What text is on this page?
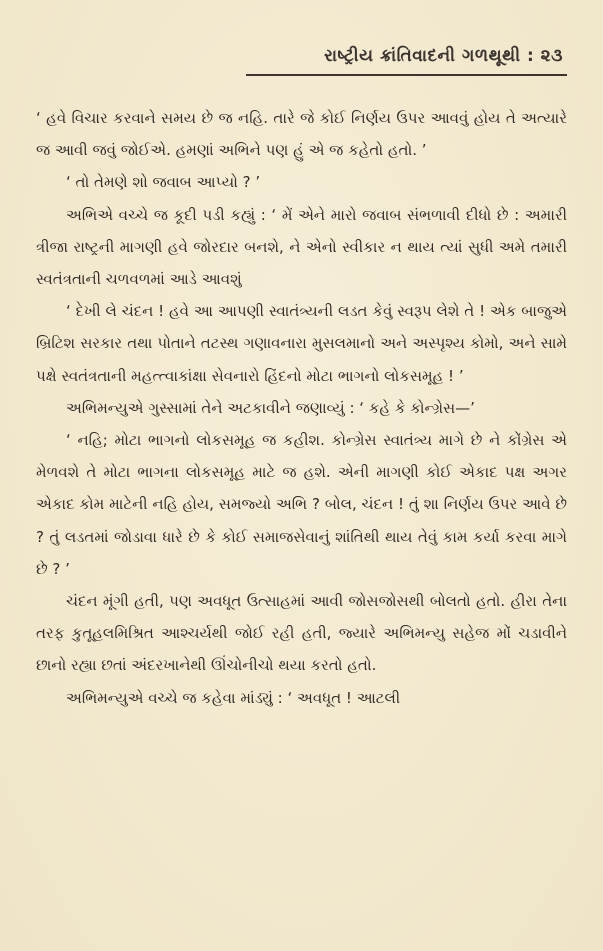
રાષ્ટ્રીય ક્રાંતિવાદની ગળથૂથી : ૨૩

‘ હવે વિચાર કરવાને સમય છે જ નહિ. તારે જે કોઈ નિર્ણય ઉપર આવવું હોય તે અત્યારે જ આવી જવું જોઈએ. હમણાં અભિને પણ હું એ જ કહેતો હતો. ’

‘ તો તેમણે શો જવાબ આપ્યો ? ’

અભિએ વચ્ચે જ કૂદી પડી કહ્યું : ‘ મેં એને મારો જવાબ સંભળાવી દીધો છે : અમારી ત્રીજા રાષ્ટ્રની માગણી હવે જોરદાર બનશે, ને એનો સ્વીકાર ન થાય ત્યાં સુધી અમે તમારી સ્વતંત્રતાની ચળવળમાં આડે આવશું

‘ દેખી લે ચંદન ! હવે આ આપણી સ્વાતંત્ર્યની લડત કેવું સ્વરૂપ લેશે તે ! એક બાજુએ બ્રિટિશ સરકાર તથા પોતાને તટસ્થ ગણાવનારા મુસલમાનો અને અસ્પૃશ્ય કોમો, અને સામે પક્ષે સ્વતંત્રતાની મહત્ત્વાકાંક્ષા સેવનારો હિંદનો મોટા ભાગનો લોકસમૂહ ! ’

અભિમન્યુએ ગુસ્સામાં તેને અટકાવીને જણાવ્યું : ‘ કહે કે કોન્ગ્રેસ—’

‘ નહિ; મોટા ભાગનો લોકસમૂહ જ કહીશ. કોન્ગ્રેસ સ્વાતંત્ર્ય માગે છે ને કોંગ્રેસ એ મેળવશે તે મોટા ભાગના લોકસમૂહ માટે જ હશે. એની માગણી કોઈ એકાદ પક્ષ અગર એકાદ કોમ માટેની નહિ હોય, સમજ્યો અભિ ? બોલ, ચંદન ! તું શા નિર્ણય ઉપર આવે છે ? તું લડતમાં જોડાવા ધારે છે કે કોઈ સમાજસેવાનું શાંતિથી થાય તેવું કામ કર્યા કરવા માગે છે ? ’

ચંદન મૂંગી હતી, પણ અવધૂત ઉત્સાહમાં આવી જોસજોસથી બોલતો હતો. હીરા તેના તરફ કુતૂહલમિશ્રિત આશ્ચર્યથી જોઈ રહી હતી, જ્યારે અભિમન્યુ સહેજ મોં ચડાવીને છાનો રહ્યા છતાં અંદરખાનેથી ઊંચોનીચો થયા કરતો હતો.

અભિમન્યુએ વચ્ચે જ કહેવા માંડ્યું : ‘ અવધૂત ! આટલી
